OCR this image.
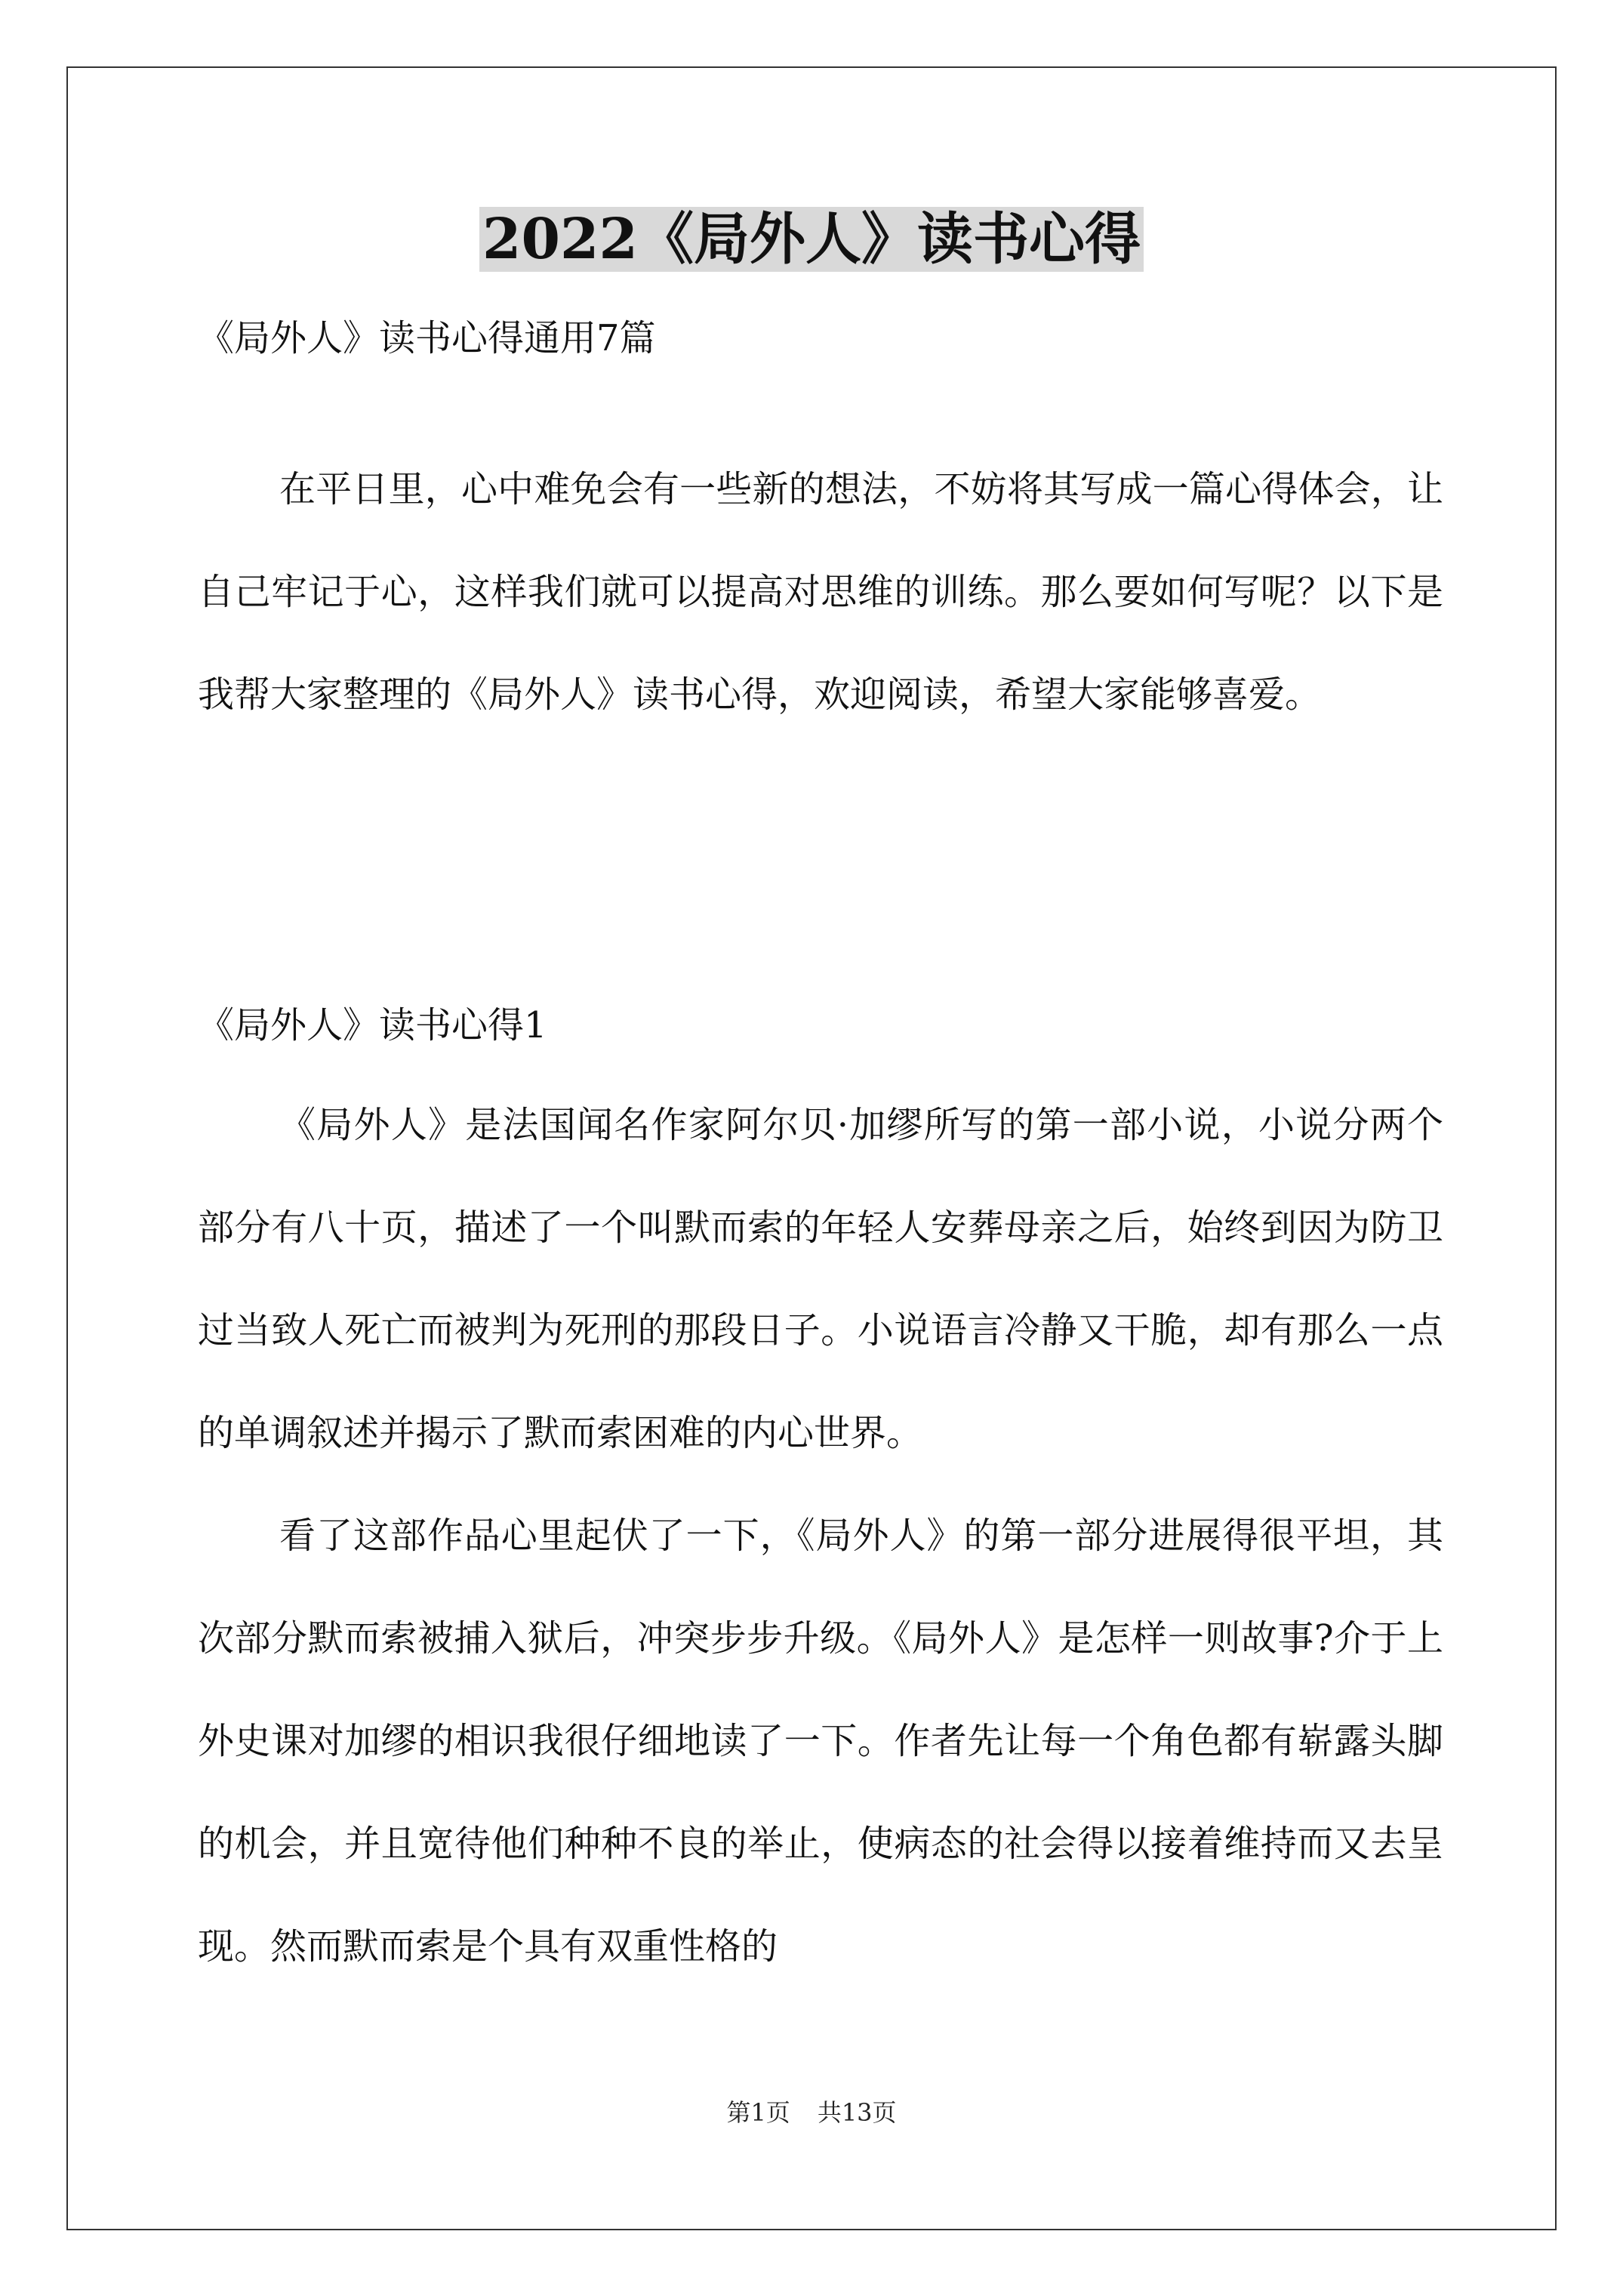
2022《局外人》读书心得
《局外人》读书心得通用7篇

在平日里，心中难免会有一些新的想法，不妨将其写成一篇心得体会，让自己牢记于心，这样我们就可以提高对思维的训练。那么要如何写呢？以下是我帮大家整理的《局外人》读书心得，欢迎阅读，希望大家能够喜爱。

《局外人》读书心得1

《局外人》是法国闻名作家阿尔贝·加缪所写的第一部小说，小说分两个部分有八十页，描述了一个叫默而索的年轻人安葬母亲之后，始终到因为防卫过当致人死亡而被判为死刑的那段日子。小说语言冷静又干脆，却有那么一点的单调叙述并揭示了默而索困难的内心世界。

看了这部作品心里起伏了一下，《局外人》的第一部分进展得很平坦，其次部分默而索被捕入狱后，冲突步步升级。《局外人》是怎样一则故事?介于上外史课对加缪的相识我很仔细地读了一下。作者先让每一个角色都有崭露头脚的机会，并且宽待他们种种不良的举止，使病态的社会得以接着维持而又去呈现。然而默而索是个具有双重性格的

第1页 共13页
